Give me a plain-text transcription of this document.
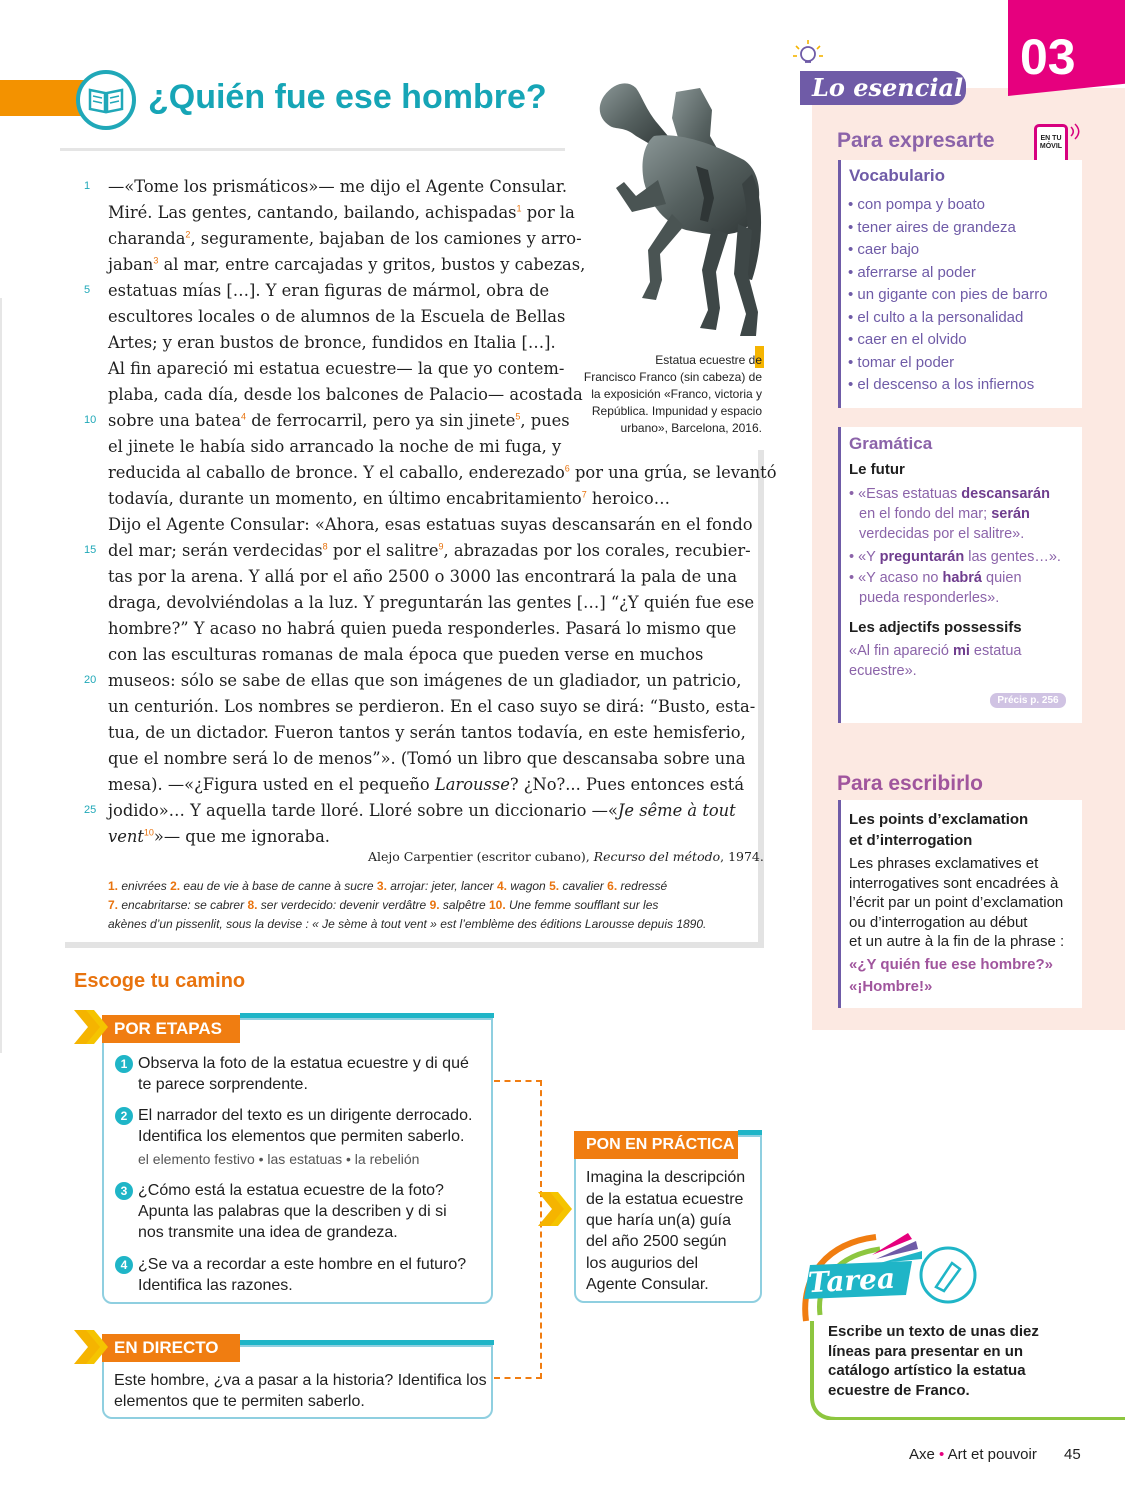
¿Quién fue ese hombre?
1
5
10
15
20
25
—«Tome los prismáticos»— me dijo el Agente Consular.
Miré. Las gentes, cantando, bailando, achispadas$^1$ por la
charanda$^2$, seguramente, bajaban de los camiones y arro-
jaban$^3$ al mar, entre carcajadas y gritos, bustos y cabezas,
estatuas mías […]. Y eran figuras de mármol, obra de
escultores locales o de alumnos de la Escuela de Bellas
Artes; y eran bustos de bronce, fundidos en Italia […].
Al fin apareció mi estatua ecuestre— la que yo contem-
plaba, cada día, desde los balcones de Palacio— acostada
sobre una batea$^4$ de ferrocarril, pero ya sin jinete$^5$, pues
el jinete le había sido arrancado la noche de mi fuga, y
reducida al caballo de bronce. Y el caballo, enderezado$^6$ por una grúa, se levantó
todavía, durante un momento, en último encabritamiento$^7$ heroico…
Dijo el Agente Consular: «Ahora, esas estatuas suyas descansarán en el fondo
del mar; serán verdecidas$^8$ por el salitre$^9$, abrazadas por los corales, recubier-
tas por la arena. Y allá por el año 2500 o 3000 las encontrará la pala de una
draga, devolviéndolas a la luz. Y preguntarán las gentes […] “¿Y quién fue ese
hombre?” Y acaso no habrá quien pueda responderles. Pasará lo mismo que
con las esculturas romanas de mala época que pueden verse en muchos
museos: sólo se sabe de ellas que son imágenes de un gladiador, un patricio,
un centurión. Los nombres se perdieron. En el caso suyo se dirá: “Busto, esta-
tua, de un dictador. Fueron tantos y serán tantos todavía, en este hemisferio,
que el nombre será lo de menos”». (Tomó un libro que descansaba sobre una
mesa). —«¿Figura usted en el pequeño Larousse? ¿No?... Pues entonces está
jodido»… Y aquella tarde lloré. Lloré sobre un diccionario —«Je sême à tout
vent$^{10}$»— que me ignoraba.
Alejo Carpentier (escritor cubano), Recurso del método, 1974.
1. enivrées 2. eau de vie à base de canne à sucre 3. arrojar: jeter, lancer 4. wagon 5. cavalier 6. redressé
7. encabritarse: se cabrer 8. ser verdecido: devenir verdâtre 9. salpêtre 10. Une femme soufflant sur les
akènes d’un pissenlit, sous la devise : « Je sème à tout vent » est l’emblème des éditions Larousse depuis 1890.
Estatua ecuestre de
Francisco Franco (sin cabeza) de
la exposición «Franco, victoria y
República. Impunidad y espacio
urbano», Barcelona, 2016.
03
Lo esencial
Para expresarte	EN TU
MÓVIL
Vocabulario
• con pompa y boato
• tener aires de grandeza
• caer bajo
• aferrarse al poder
• un gigante con pies de barro
• el culto a la personalidad
• caer en el olvido
• tomar el poder
• el descenso a los infiernos
Gramática
Le futur
• «Esas estatuas descansarán
en el fondo del mar; serán
verdecidas por el salitre».
• «Y preguntarán las gentes…».
• «Y acaso no habrá quien
pueda responderles».
Les adjectifs possessifs
«Al fin apareció mi estatua
ecuestre».
Précis p. 256
Para escribirlo
Les points d’exclamation
et d’interrogation
Les phrases exclamatives et
interrogatives sont encadrées à
l’écrit par un point d’exclamation
ou d’interrogation au début
et un autre à la fin de la phrase :
«¿Y quién fue ese hombre?»
«¡Hombre!»
Escoge tu camino
POR ETAPAS
1 Observa la foto de la estatua ecuestre y di qué
te parece sorprendente.
2 El narrador del texto es un dirigente derrocado.
Identifica los elementos que permiten saberlo.
el elemento festivo • las estatuas • la rebelión
3 ¿Cómo está la estatua ecuestre de la foto?
Apunta las palabras que la describen y di si
nos transmite una idea de grandeza.
4 ¿Se va a recordar a este hombre en el futuro?
Identifica las razones.
EN DIRECTO
Este hombre, ¿va a pasar a la historia? Identifica los
elementos que te permiten saberlo.
PON EN PRÁCTICA
Imagina la descripción
de la estatua ecuestre
que haría un(a) guía
del año 2500 según
los augurios del
Agente Consular.	Tarea
Escribe un texto de unas diez
líneas para presentar en un
catálogo artístico la estatua
ecuestre de Franco.
Axe • Art et pouvoir 45
